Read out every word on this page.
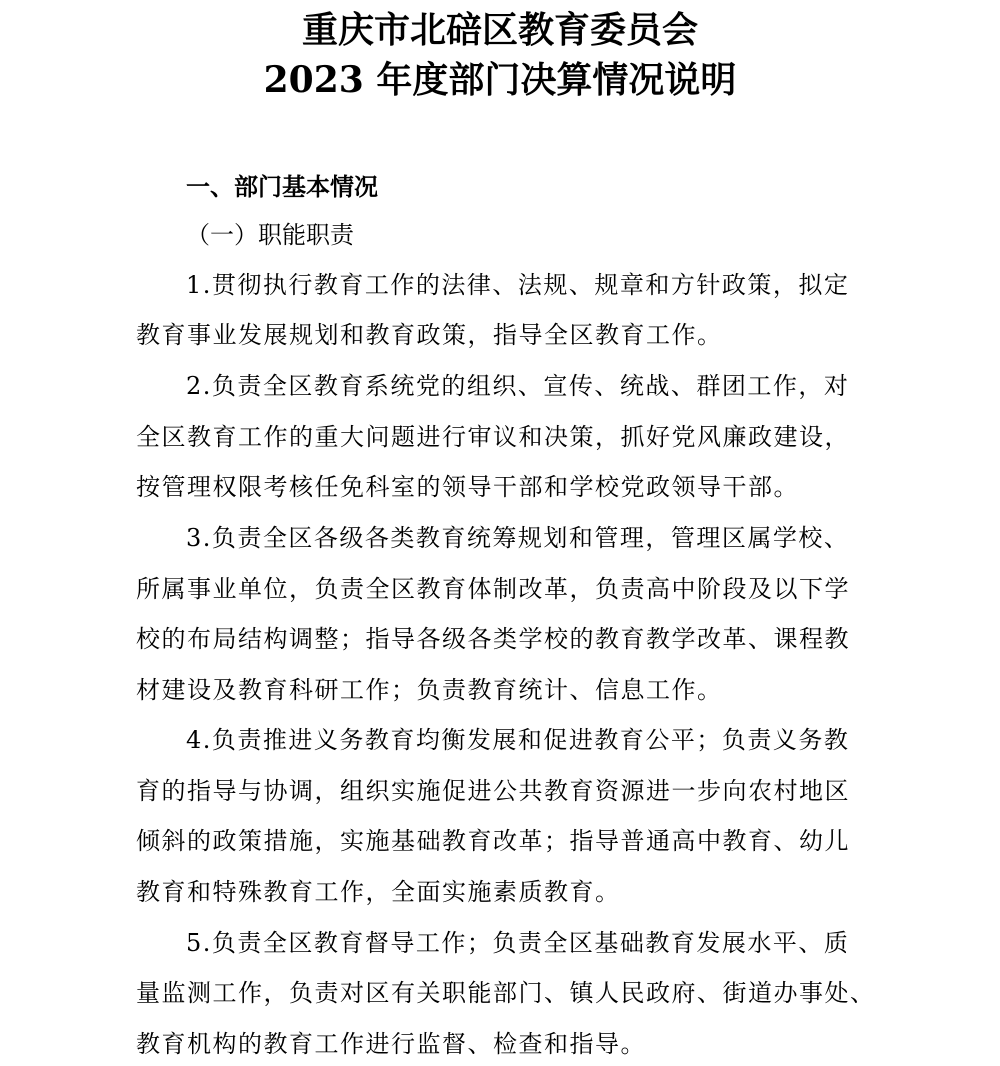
重庆市北碚区教育委员会
2023 年度部门决算情况说明
一、部门基本情况
（一）职能职责
1.贯彻执行教育工作的法律、法规、规章和方针政策，拟定
教育事业发展规划和教育政策，指导全区教育工作。
2.负责全区教育系统党的组织、宣传、统战、群团工作，对
全区教育工作的重大问题进行审议和决策，抓好党风廉政建设，
按管理权限考核任免科室的领导干部和学校党政领导干部。
3.负责全区各级各类教育统筹规划和管理，管理区属学校、
所属事业单位，负责全区教育体制改革，负责高中阶段及以下学
校的布局结构调整；指导各级各类学校的教育教学改革、课程教
材建设及教育科研工作；负责教育统计、信息工作。
4.负责推进义务教育均衡发展和促进教育公平；负责义务教
育的指导与协调，组织实施促进公共教育资源进一步向农村地区
倾斜的政策措施，实施基础教育改革；指导普通高中教育、幼儿
教育和特殊教育工作，全面实施素质教育。
5.负责全区教育督导工作；负责全区基础教育发展水平、质
量监测工作，负责对区有关职能部门、镇人民政府、街道办事处、
教育机构的教育工作进行监督、检查和指导。
